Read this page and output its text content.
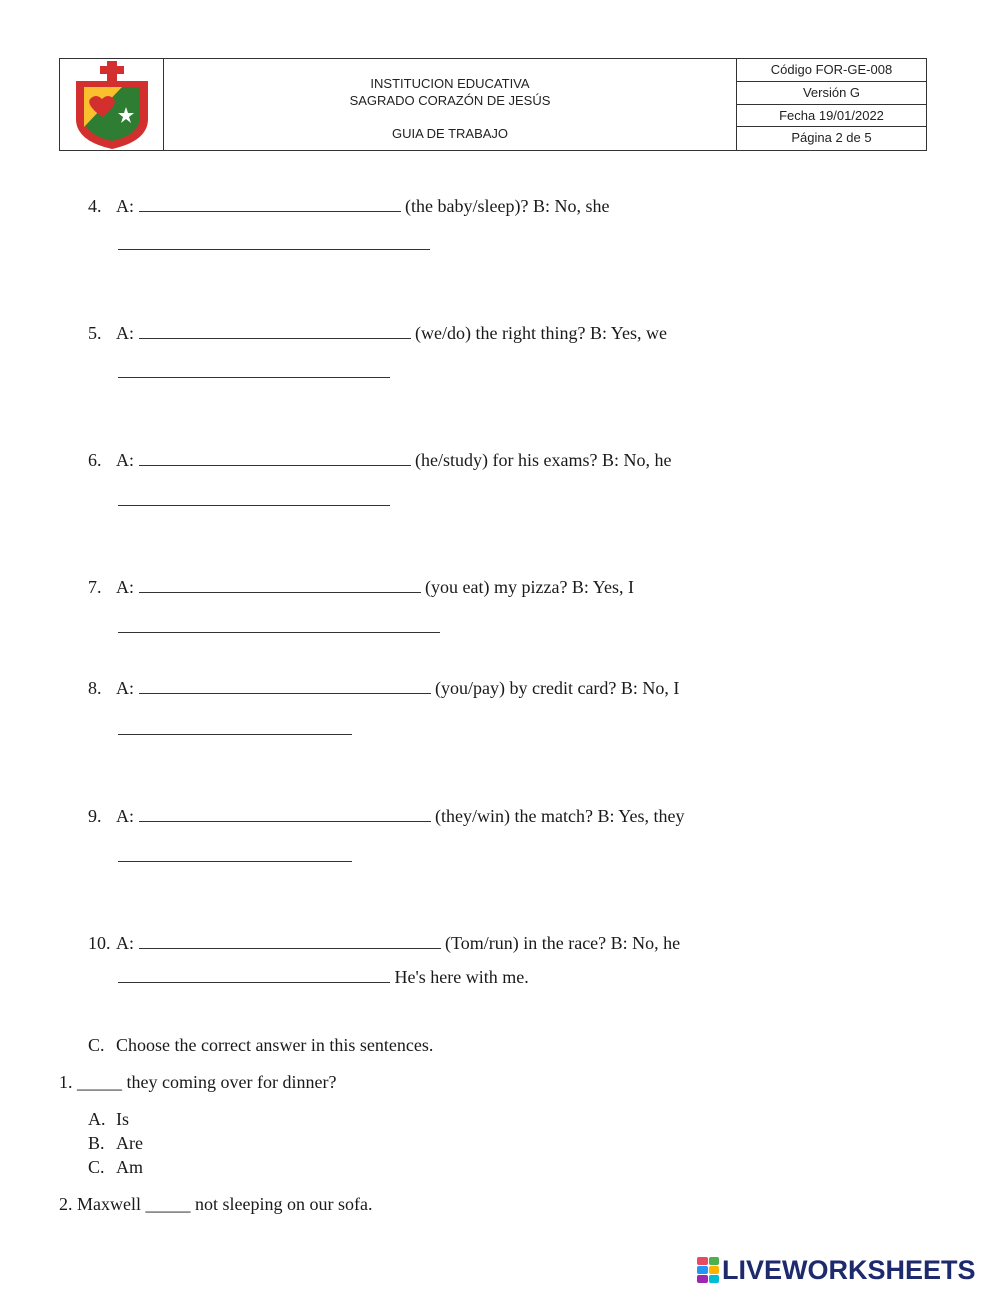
INSTITUCION EDUCATIVA
SAGRADO CORAZÓN DE JESÚS
GUIA DE TRABAJO
Código FOR-GE-008
Versión G
Fecha 19/01/2022
Página 2 de 5
4. A:	(the baby/sleep)? B: No, she
5. A:	(we/do) the right thing? B: Yes, we
6. A:	(he/study) for his exams? B: No, he
7. A:	(you eat) my pizza? B: Yes, I
8. A:	(you/pay) by credit card? B: No, I
9. A:	(they/win) the match? B: Yes, they
10. A:	(Tom/run) in the race? B: No, he
He's here with me.
C. Choose the correct answer in this sentences.
1. _____ they coming over for dinner?
A. Is
B. Are
C. Am
2. Maxwell _____ not sleeping on our sofa.
LIVEWORKSHEETS
